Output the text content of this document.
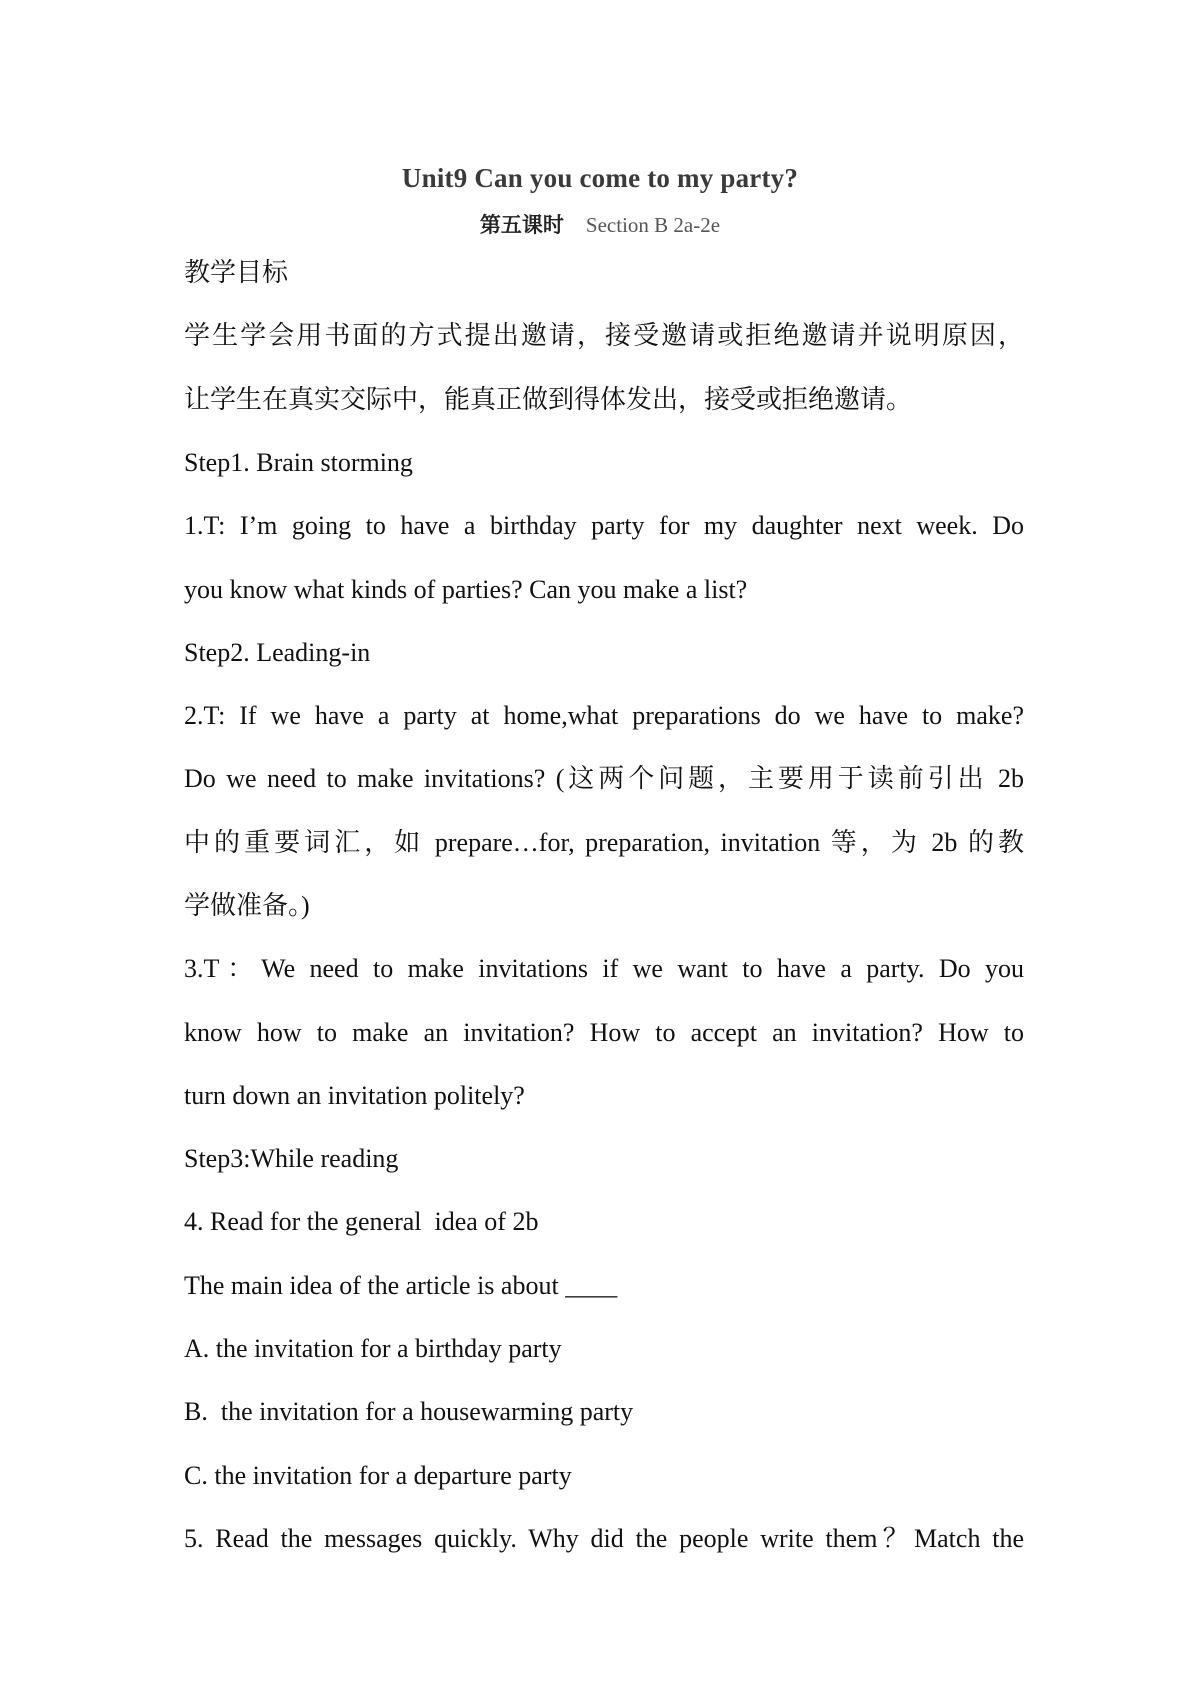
Unit9 Can you come to my party?
第五课时 Section B 2a-2e
教学目标
学生学会用书面的方式提出邀请，接受邀请或拒绝邀请并说明原因，
让学生在真实交际中，能真正做到得体发出，接受或拒绝邀请。
Step1. Brain storming
1.T: I’m going to have a birthday party for my daughter next week. Do
you know what kinds of parties? Can you make a list?
Step2. Leading-in
2.T: If we have a party at home,what preparations do we have to make?
Do we need to make invitations? (这两个问题，主要用于读前引出 2b
中的重要词汇，如 prepare…for, preparation, invitation 等，为 2b 的教
学做准备。)
3.T：We need to make invitations if we want to have a party. Do you
know how to make an invitation? How to accept an invitation? How to
turn down an invitation politely?
Step3:While reading
4. Read for the general  idea of 2b
The main idea of the article is about ____
A. the invitation for a birthday party
B.  the invitation for a housewarming party
C. the invitation for a departure party
5. Read the messages quickly. Why did the people write them？Match the
